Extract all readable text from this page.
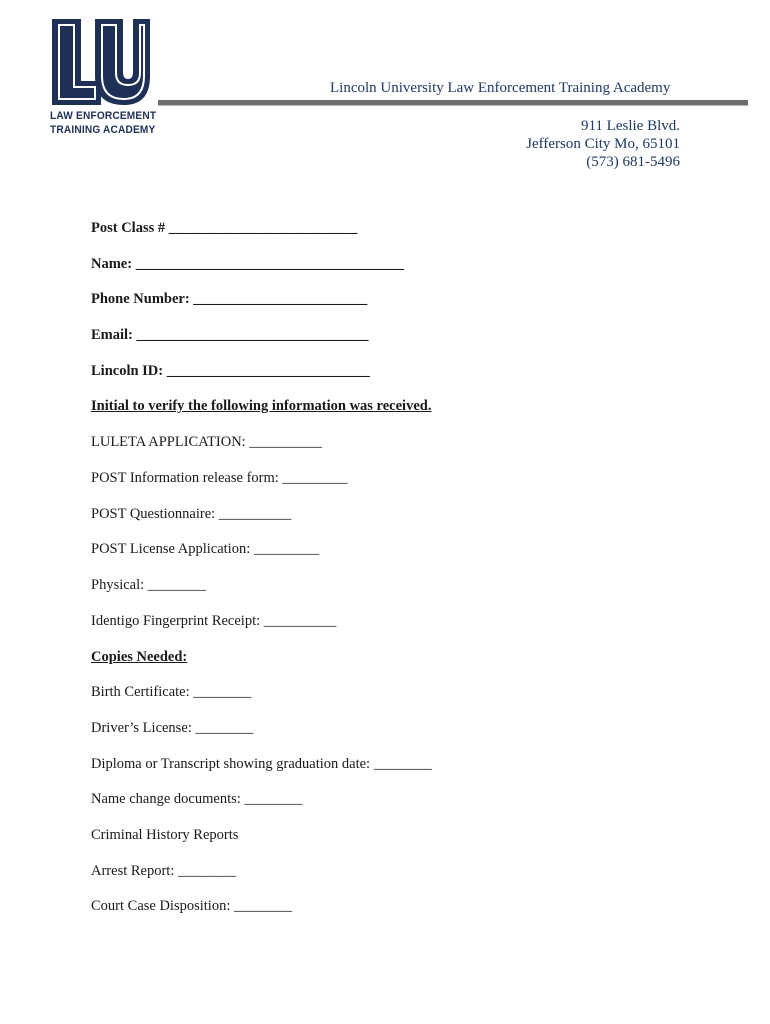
LAW ENFORCEMENT
TRAINING ACADEMY
Lincoln University Law Enforcement Training Academy
911 Leslie Blvd.
Jefferson City Mo, 65101
(573) 681-5496
Post Class # __________________________
Name: _____________________________________
Phone Number: ________________________
Email: ________________________________
Lincoln ID: ____________________________
Initial to verify the following information was received.
LULETA APPLICATION: __________
POST Information release form: _________
POST Questionnaire: __________
POST License Application: _________
Physical: ________
Identigo Fingerprint Receipt: __________
Copies Needed:
Birth Certificate: ________
Driver’s License: ________
Diploma or Transcript showing graduation date: ________
Name change documents: ________
Criminal History Reports
Arrest Report: ________
Court Case Disposition: ________
